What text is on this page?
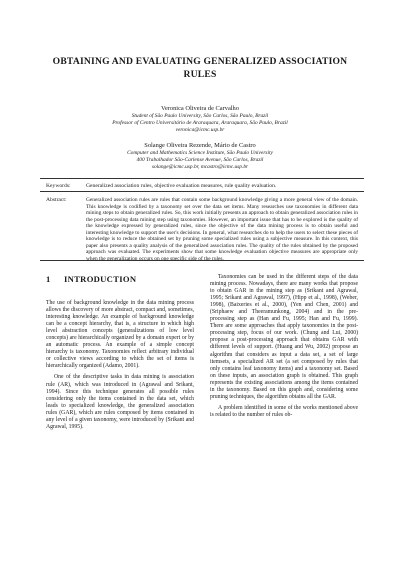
OBTAINING AND EVALUATING GENERALIZED ASSOCIATION RULES
Veronica Oliveira de Carvalho
Student of São Paulo University, São Carlos, São Paulo, Brazil
Professor of Centro Universitário de Araraquara, Araraquara, São Paulo, Brazil
veronica@icmc.usp.br
Solange Oliveira Rezende, Mário de Castro
Computer and Mathematics Science Institute, São Paulo University
400 Trabalhador São-Carlense Avenue, São Carlos, Brazil
solange@icmc.usp.br, mcastro@icmc.usp.br
Keywords:	Generalized association rules, objective evaluation measures, rule quality evaluation.
Abstract:	Generalized association rules are rules that contain some background knowledge giving a more general view of the domain. This knowledge is codified by a taxonomy set over the data set items. Many researches use taxonomies in different data mining steps to obtain generalized rules. So, this work initially presents an approach to obtain generalized association rules in the post-processing data mining step using taxonomies. However, an important issue that has to be explored is the quality of the knowledge expressed by generalized rules, since the objective of the data mining process is to obtain useful and interesting knowledge to support the user's decisions. In general, what researches do to help the users to select these pieces of knowledge is to reduce the obtained set by pruning some specialized rules using a subjective measure. In this context, this paper also presents a quality analysis of the generalized association rules. The quality of the rules obtained by the proposed approach was evaluated. The experiments show that some knowledge evaluation objective measures are appropriate only when the generalization occurs on one specific side of the rules.
1 INTRODUCTION

The use of background knowledge in the data mining process allows the discovery of more abstract, compact and, sometimes, interesting knowledge. An example of background knowledge can be a concept hierarchy, that is, a structure in which high level abstraction concepts (generalizations of low level concepts) are hierarchically organized by a domain expert or by an automatic process. An example of a simple concept hierarchy is taxonomy. Taxonomies reflect arbitrary individual or collective views according to which the set of items is hierarchically organized (Adamo, 2001).

One of the descriptive tasks in data mining is association rule (AR), which was introduced in (Agrawal and Srikant, 1994). Since this technique generates all possible rules considering only the items contained in the data set, which leads to specialized knowledge, the generalized association rules (GAR), which are rules composed by items contained in any level of a given taxonomy, were introduced by (Srikant and Agrawal, 1995).

Taxonomies can be used in the different steps of the data mining process. Nowadays, there are many works that propose to obtain GAR in the mining step as (Srikant and Agrawal, 1995; Srikant and Agrawal, 1997), (Hipp et al., 1998), (Weber, 1998), (Baixeries et al., 2000), (Yen and Chen, 2001) and (Sriphaew and Theeramunkong, 2004) and in the pre-processing step as (Han and Fu, 1995; Han and Fu, 1999). There are some approaches that apply taxonomies in the post-processing step, focus of our work. (Chung and Lui, 2000) propose a post-processing approach that obtains GAR with different levels of support. (Huang and Wu, 2002) propose an algorithm that considers as input a data set, a set of large itemsets, a specialized AR set (a set composed by rules that only contains leaf taxonomy items) and a taxonomy set. Based on these inputs, an association graph is obtained. This graph represents the existing associations among the items contained in the taxonomy. Based on this graph and, considering some pruning techniques, the algorithm obtains all the GAR.

A problem identified in some of the works mentioned above is related to the number of rules ob-
